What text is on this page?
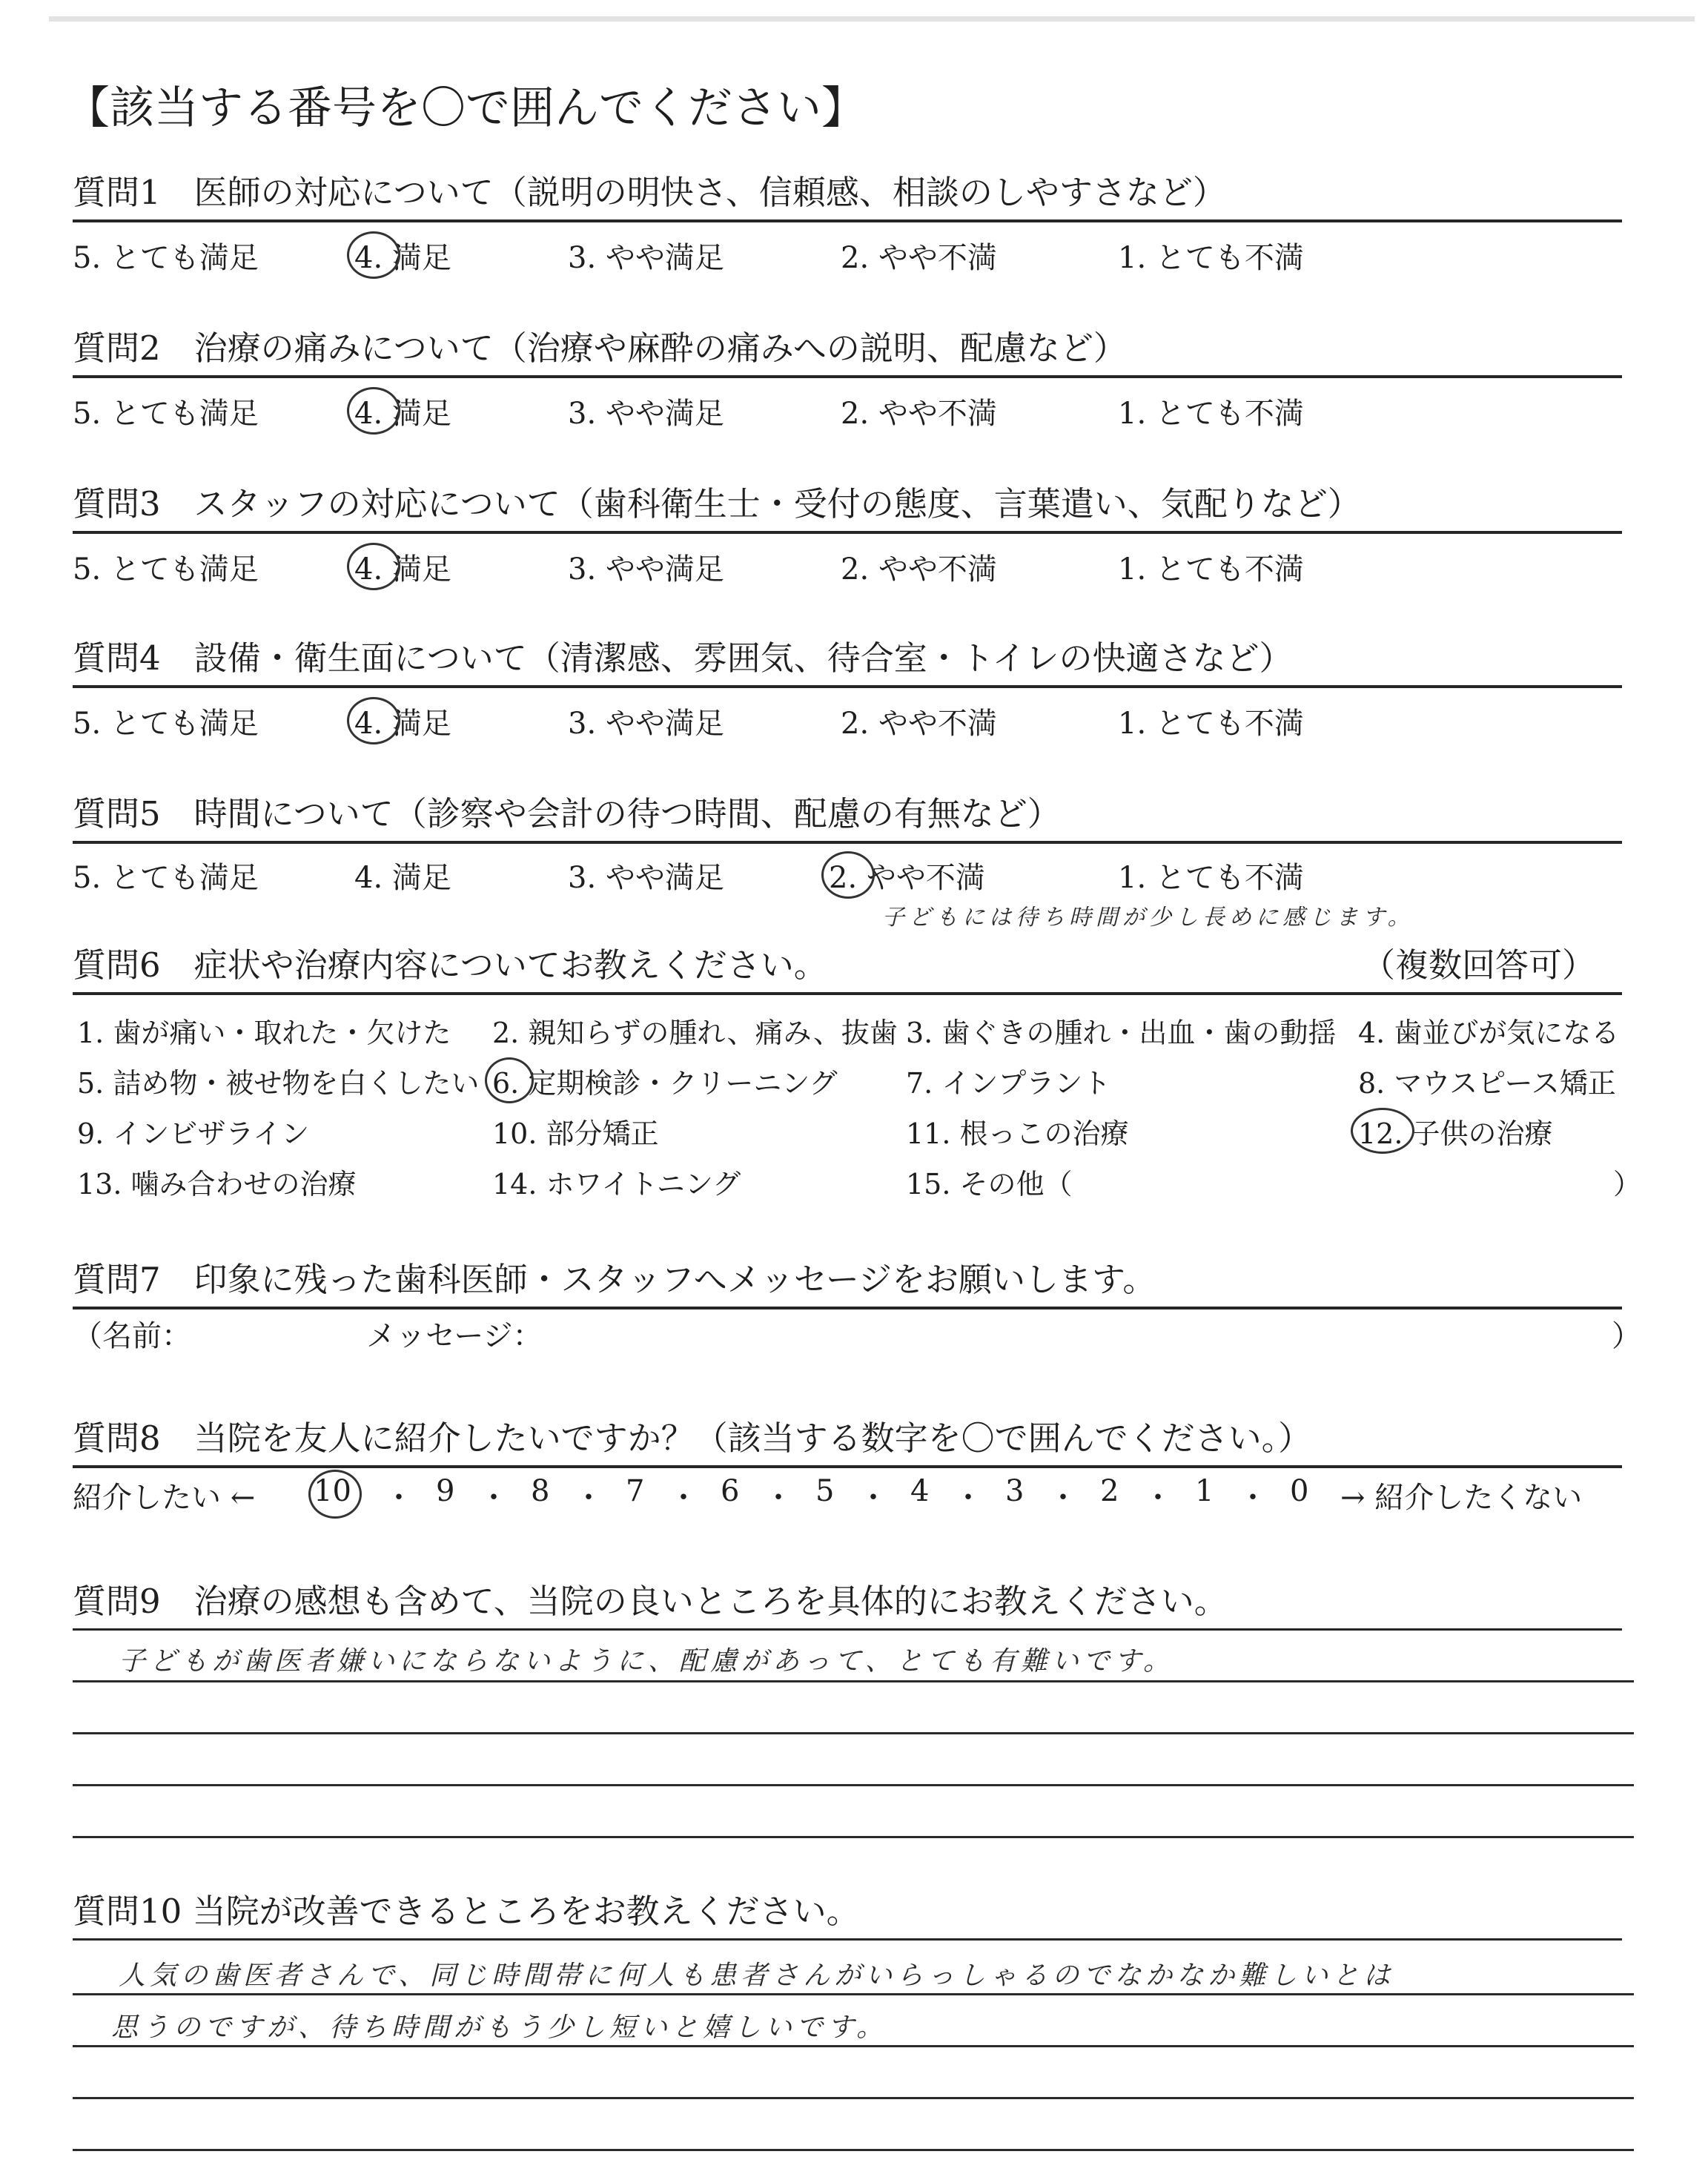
【該当する番号を〇で囲んでください】
質問1　医師の対応について（説明の明快さ、信頼感、相談のしやすさなど）
5. とても満足	4. 満足	3. やや満足	2. やや不満	1. とても不満
質問2　治療の痛みについて（治療や麻酔の痛みへの説明、配慮など）
5. とても満足	4. 満足	3. やや満足	2. やや不満	1. とても不満
質問3　スタッフの対応について（歯科衛生士・受付の態度、言葉遣い、気配りなど）
5. とても満足	4. 満足	3. やや満足	2. やや不満	1. とても不満
質問4　設備・衛生面について（清潔感、雰囲気、待合室・トイレの快適さなど）
5. とても満足	4. 満足	3. やや満足	2. やや不満	1. とても不満
質問5　時間について（診察や会計の待つ時間、配慮の有無など）
5. とても満足	4. 満足	3. やや満足	2. やや不満	1. とても不満
子どもには待ち時間が少し長めに感じます。
質問6　症状や治療内容についてお教えください。	（複数回答可）
1. 歯が痛い・取れた・欠けた 2. 親知らずの腫れ、痛み、抜歯 3. 歯ぐきの腫れ・出血・歯の動揺 4. 歯並びが気になる
5. 詰め物・被せ物を白くしたい 6. 定期検診・クリーニング 7. インプラント	8. マウスピース矯正
9. インビザライン	10. 部分矯正	11. 根っこの治療	12. 子供の治療
13. 噛み合わせの治療	14. ホワイトニング	15. その他（	）
質問7　印象に残った歯科医師・スタッフへメッセージをお願いします。
（名前：	メッセージ：	）
質問8　当院を友人に紹介したいですか？（該当する数字を〇で囲んでください。）
紹介したい ← 10 ・ 9 ・ 8 ・ 7 ・ 6 ・ 5 ・ 4 ・ 3 ・ 2 ・ 1 ・ 0 → 紹介したくない
質問9　治療の感想も含めて、当院の良いところを具体的にお教えください。
子どもが歯医者嫌いにならないように、配慮があって、とても有難いです。
質問10 当院が改善できるところをお教えください。
人気の歯医者さんで、同じ時間帯に何人も患者さんがいらっしゃるのでなかなか難しいとは
思うのですが、待ち時間がもう少し短いと嬉しいです。
